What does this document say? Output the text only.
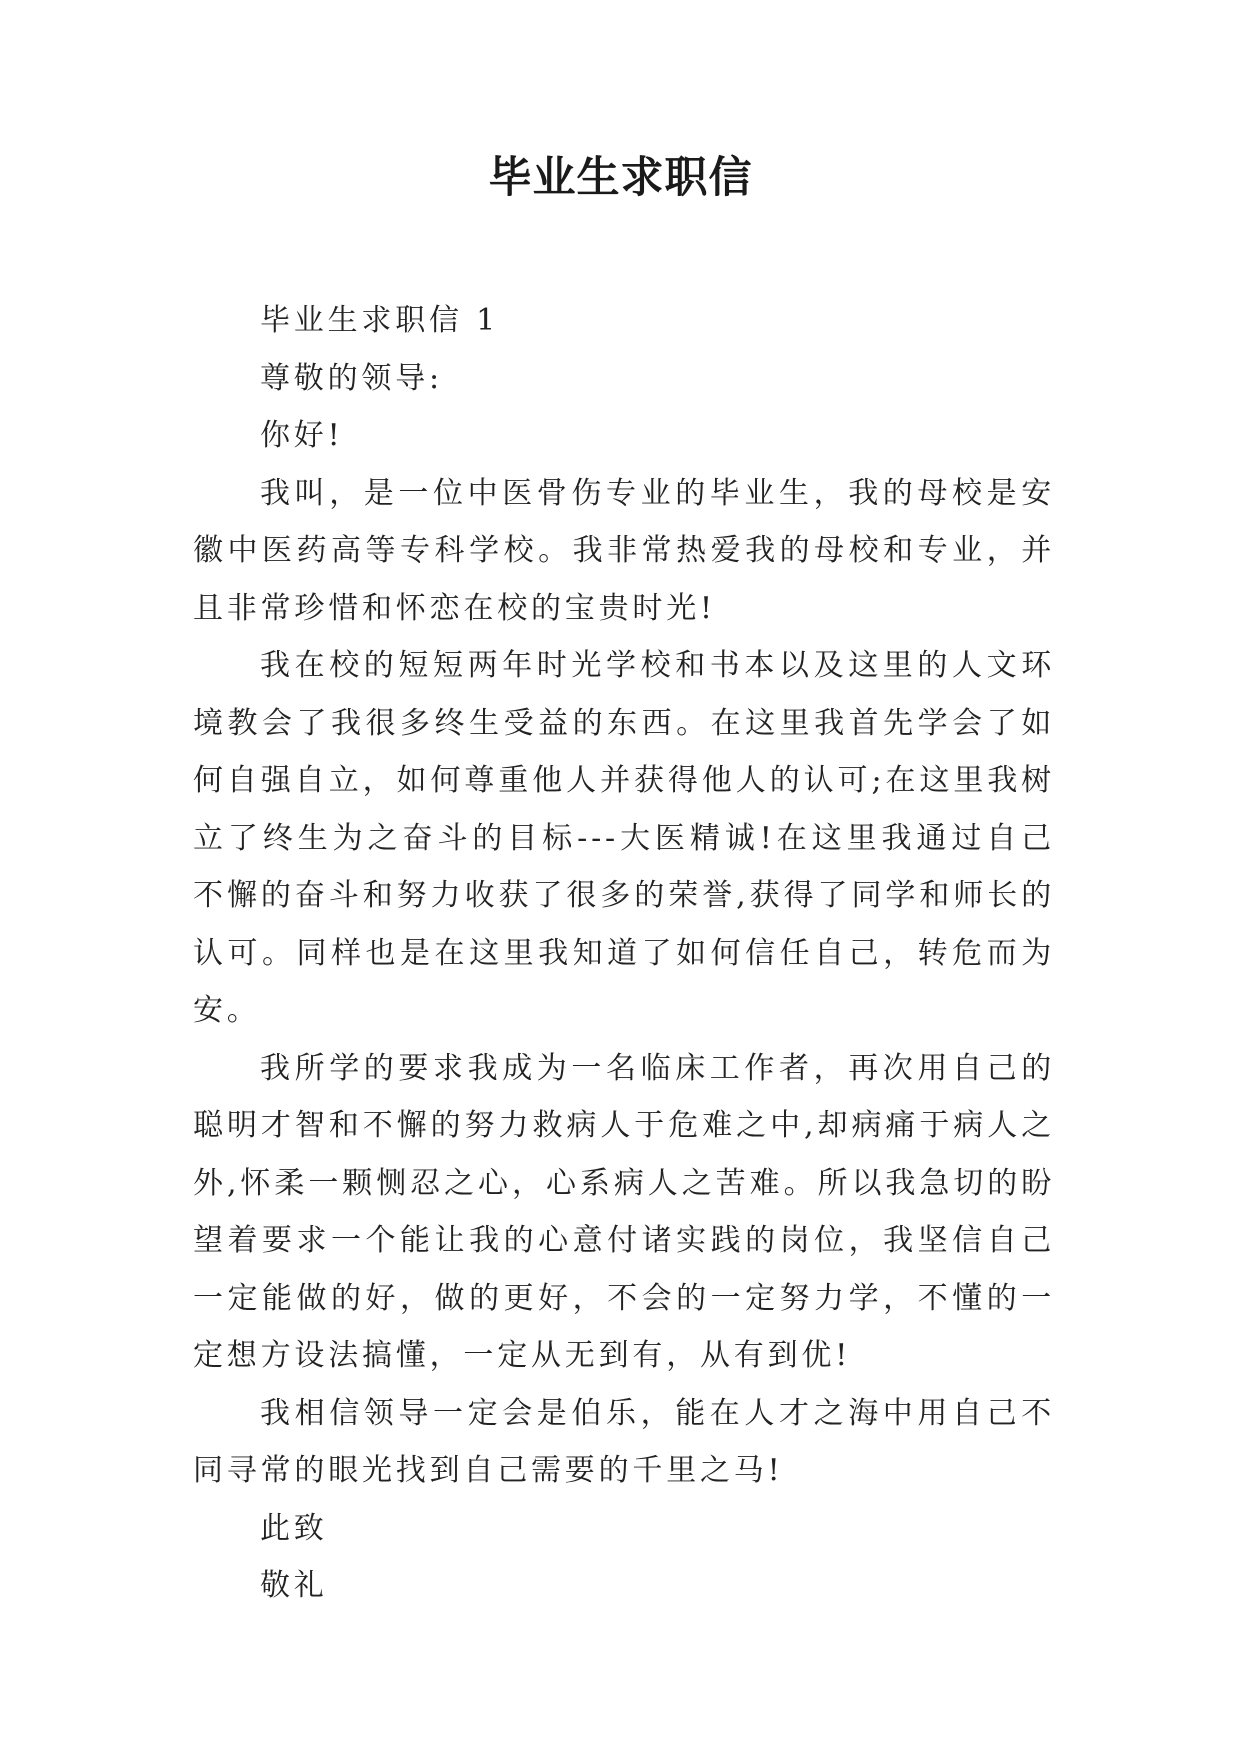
毕业生求职信

毕业生求职信 1

尊敬的领导:

你好!

我叫，是一位中医骨伤专业的毕业生，我的母校是安徽中医药高等专科学校。我非常热爱我的母校和专业，并且非常珍惜和怀恋在校的宝贵时光!

我在校的短短两年时光学校和书本以及这里的人文环境教会了我很多终生受益的东西。在这里我首先学会了如何自强自立，如何尊重他人并获得他人的认可;在这里我树立了终生为之奋斗的目标---大医精诚!在这里我通过自己不懈的奋斗和努力收获了很多的荣誉,获得了同学和师长的认可。同样也是在这里我知道了如何信任自己，转危而为安。

我所学的要求我成为一名临床工作者，再次用自己的聪明才智和不懈的努力救病人于危难之中,却病痛于病人之外,怀柔一颗恻忍之心，心系病人之苦难。所以我急切的盼望着要求一个能让我的心意付诸实践的岗位，我坚信自己一定能做的好，做的更好，不会的一定努力学，不懂的一定想方设法搞懂，一定从无到有，从有到优!

我相信领导一定会是伯乐，能在人才之海中用自己不同寻常的眼光找到自己需要的千里之马!

此致

敬礼
